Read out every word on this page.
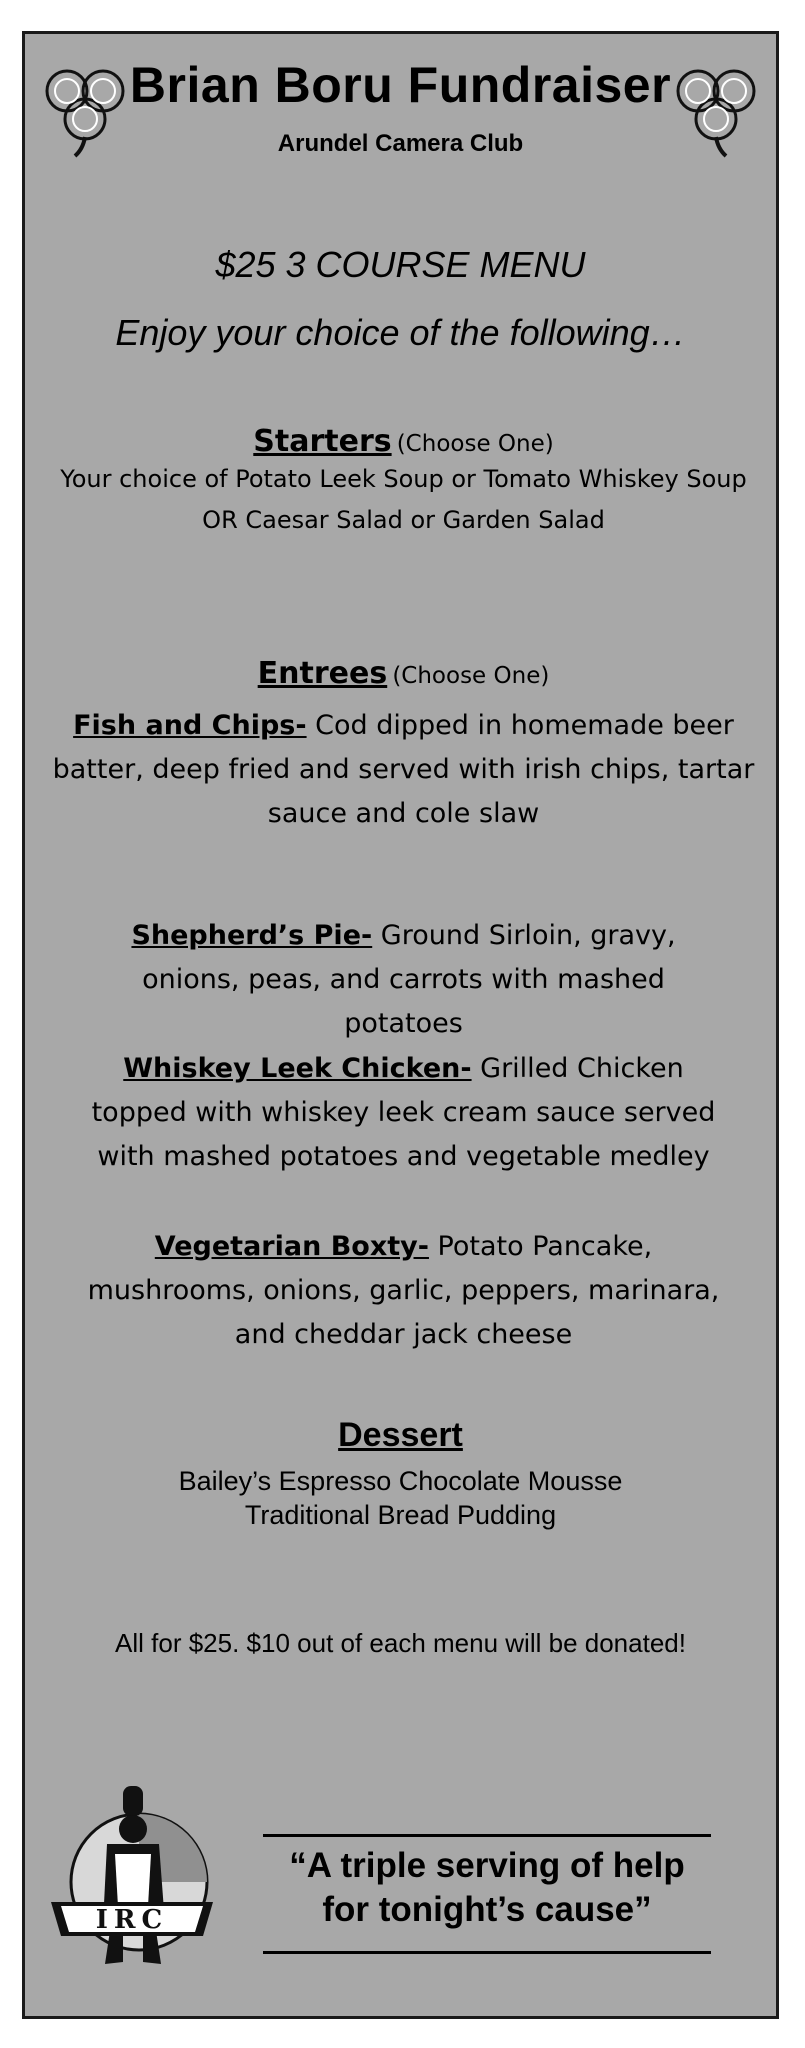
Brian Boru Fundraiser
Arundel Camera Club
$25 3 COURSE MENU
Enjoy your choice of the following…
Starters (Choose One)
Your choice of Potato Leek Soup or Tomato Whiskey Soup
OR Caesar Salad or Garden Salad
Entrees (Choose One)
Fish and Chips- Cod dipped in homemade beer batter, deep fried and served with irish chips, tartar sauce and cole slaw
Shepherd’s Pie- Ground Sirloin, gravy, onions, peas, and carrots with mashed potatoes
Whiskey Leek Chicken- Grilled Chicken topped with whiskey leek cream sauce served with mashed potatoes and vegetable medley
Vegetarian Boxty- Potato Pancake, mushrooms, onions, garlic, peppers, marinara, and cheddar jack cheese
Dessert
Bailey’s Espresso Chocolate Mousse
Traditional Bread Pudding
All for $25. $10 out of each menu will be donated!
IRC
“A triple serving of help
for tonight’s cause”
